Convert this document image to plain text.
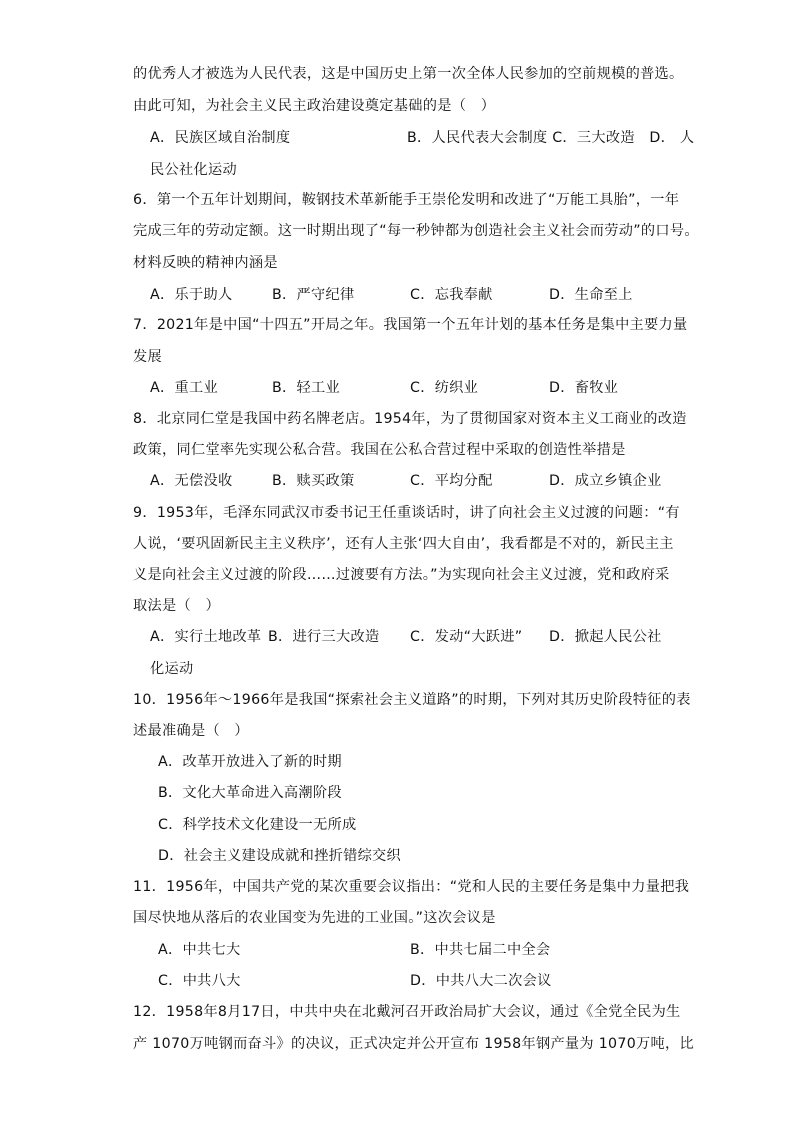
的优秀人才被选为人民代表，这是中国历史上第一次全体人民参加的空前规模的普选。
由此可知，为社会主义民主政治建设奠定基础的是（　）
A．民族区域自治制度	B．人民代表大会制度 C．三大改造　D． 人
民公社化运动
6．第一个五年计划期间，鞍钢技术革新能手王崇伦发明和改进了“万能工具胎”，一年
完成三年的劳动定额。这一时期出现了“每一秒钟都为创造社会主义社会而劳动”的口号。
材料反映的精神内涵是
A．乐于助人	B．严守纪律	C．忘我奉献	D．生命至上
7．2021年是中国“十四五”开局之年。我国第一个五年计划的基本任务是集中主要力量
发展
A．重工业	B．轻工业	C．纺织业	D．畜牧业
8．北京同仁堂是我国中药名牌老店。1954年，为了贯彻国家对资本主义工商业的改造
政策，同仁堂率先实现公私合营。我国在公私合营过程中采取的创造性举措是
A．无偿没收	B．赎买政策	C．平均分配	D．成立乡镇企业
9．1953年，毛泽东同武汉市委书记王任重谈话时，讲了向社会主义过渡的问题：“有
人说，‘要巩固新民主主义秩序’，还有人主张‘四大自由’，我看都是不对的，新民主主
义是向社会主义过渡的阶段……过渡要有方法。”为实现向社会主义过渡，党和政府采
取法是（　）
A．实行土地改革 B．进行三大改造 C．发动“大跃进” D．掀起人民公社
化运动
10．1956年～1966年是我国“探索社会主义道路”的时期，下列对其历史阶段特征的表
述最准确是（　）
A．改革开放进入了新的时期
B．文化大革命进入高潮阶段
C．科学技术文化建设一无所成
D．社会主义建设成就和挫折错综交织
11．1956年，中国共产党的某次重要会议指出：“党和人民的主要任务是集中力量把我
国尽快地从落后的农业国变为先进的工业国。”这次会议是
A．中共七大	B．中共七届二中全会
C．中共八大	D．中共八大二次会议
12．1958年8月17日，中共中央在北戴河召开政治局扩大会议，通过《全党全民为生
产 1070万吨钢而奋斗》的决议，正式决定并公开宣布 1958年钢产量为 1070万吨，比
